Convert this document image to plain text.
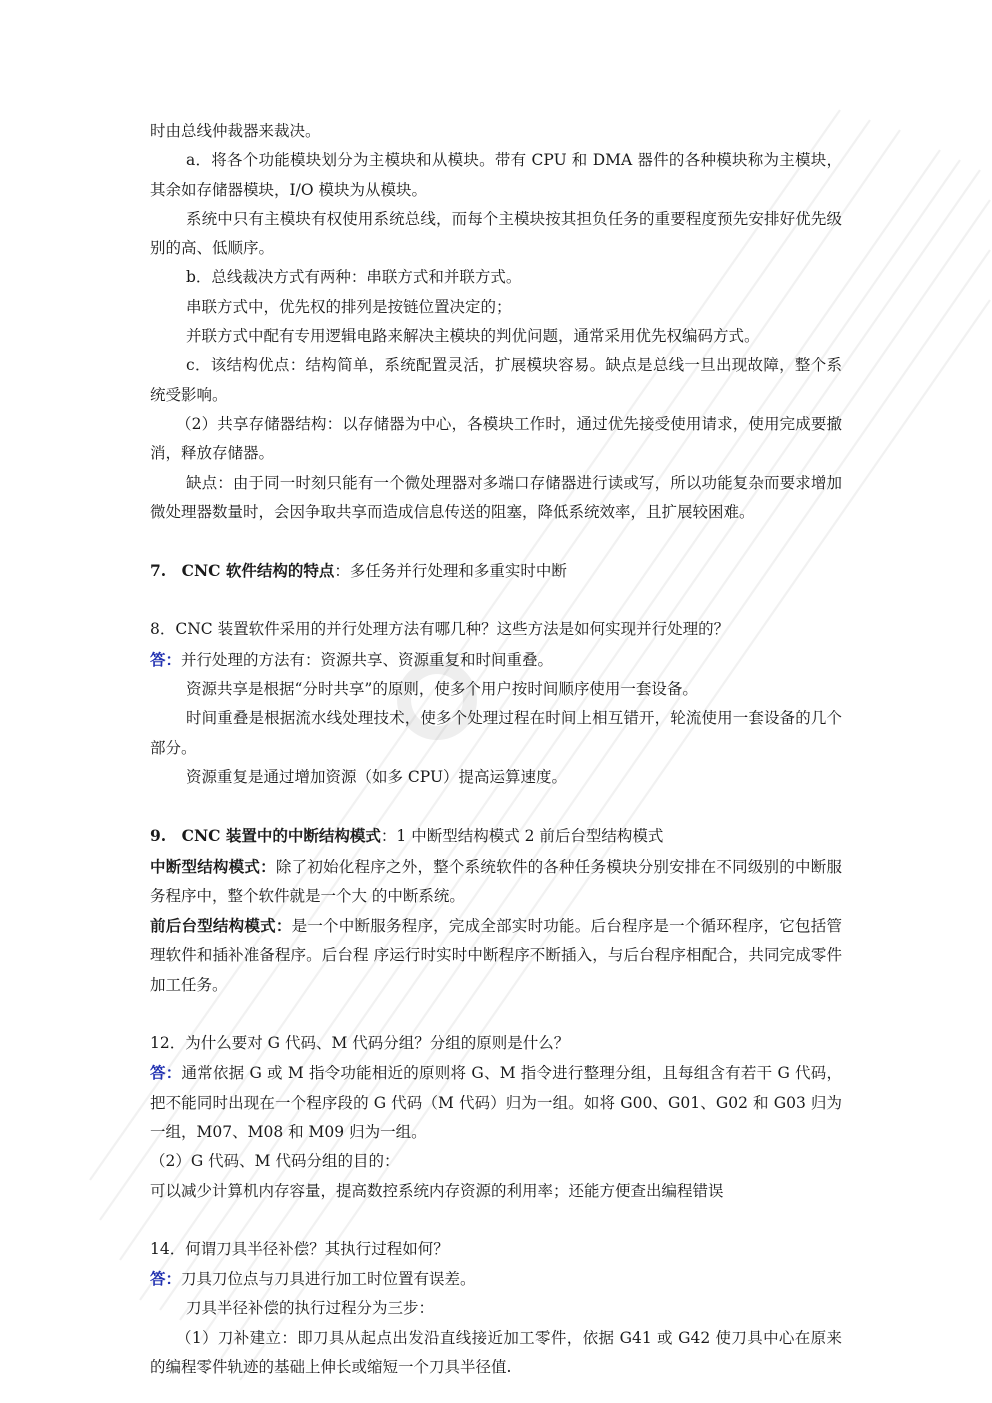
时由总线仲裁器来裁决。

a．将各个功能模块划分为主模块和从模块。带有 CPU 和 DMA 器件的各种模块称为主模块，其余如存储器模块，I/O 模块为从模块。

系统中只有主模块有权使用系统总线，而每个主模块按其担负任务的重要程度预先安排好优先级别的高、低顺序。

b．总线裁决方式有两种：串联方式和并联方式。

串联方式中，优先权的排列是按链位置决定的；

并联方式中配有专用逻辑电路来解决主模块的判优问题，通常采用优先权编码方式。

c．该结构优点：结构简单，系统配置灵活，扩展模块容易。缺点是总线一旦出现故障，整个系统受影响。

（2）共享存储器结构：以存储器为中心，各模块工作时，通过优先接受使用请求，使用完成要撤消，释放存储器。

缺点：由于同一时刻只能有一个微处理器对多端口存储器进行读或写，所以功能复杂而要求增加微处理器数量时，会因争取共享而造成信息传送的阻塞，降低系统效率，且扩展较困难。

7.　CNC 软件结构的特点：多任务并行处理和多重实时中断

8．CNC 装置软件采用的并行处理方法有哪几种？这些方法是如何实现并行处理的？

答：并行处理的方法有：资源共享、资源重复和时间重叠。

资源共享是根据“分时共享”的原则，使多个用户按时间顺序使用一套设备。

时间重叠是根据流水线处理技术，使多个处理过程在时间上相互错开，轮流使用一套设备的几个部分。

资源重复是通过增加资源（如多 CPU）提高运算速度。

9.　CNC 装置中的中断结构模式：1 中断型结构模式 2 前后台型结构模式

中断型结构模式：除了初始化程序之外，整个系统软件的各种任务模块分别安排在不同级别的中断服务程序中，整个软件就是一个大 的中断系统。

前后台型结构模式：是一个中断服务程序，完成全部实时功能。后台程序是一个循环程序，它包括管理软件和插补准备程序。后台程 序运行时实时中断程序不断插入，与后台程序相配合，共同完成零件加工任务。

12．为什么要对 G 代码、M 代码分组？分组的原则是什么？

答：通常依据 G 或 M 指令功能相近的原则将 G、M 指令进行整理分组，且每组含有若干 G 代码，把不能同时出现在一个程序段的 G 代码（M 代码）归为一组。如将 G00、G01、G02 和 G03 归为一组，M07、M08 和 M09 归为一组。

（2）G 代码、M 代码分组的目的：

可以减少计算机内存容量，提高数控系统内存资源的利用率；还能方便查出编程错误

14．何谓刀具半径补偿？其执行过程如何？

答：刀具刀位点与刀具进行加工时位置有误差。

刀具半径补偿的执行过程分为三步：

（1）刀补建立：即刀具从起点出发沿直线接近加工零件，依据 G41 或 G42 使刀具中心在原来的编程零件轨迹的基础上伸长或缩短一个刀具半径值.
